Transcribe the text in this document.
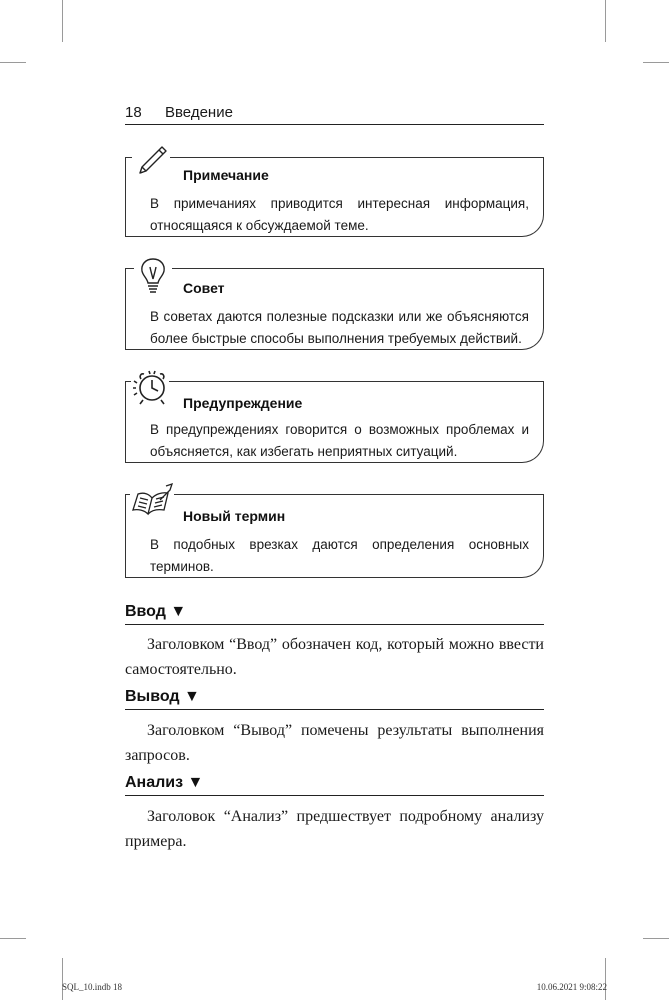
18 Введение
Примечание
В примечаниях приводится интересная информация, относящаяся к обсуждаемой теме.
Совет
В советах даются полезные подсказки или же объясняются более быстрые способы выполнения требуемых действий.
Предупреждение
В предупреждениях говорится о возможных проблемах и объясняется, как избегать неприятных ситуаций.
Новый термин
В подобных врезках даются определения основных терминов.
Ввод ▼
Заголовком “Ввод” обозначен код, который можно ввести самостоятельно.
Вывод ▼
Заголовком “Вывод” помечены результаты выполнения запросов.
Анализ ▼
Заголовок “Анализ” предшествует подробному анализу примера.
SQL_10.indb 18	10.06.2021 9:08:22
